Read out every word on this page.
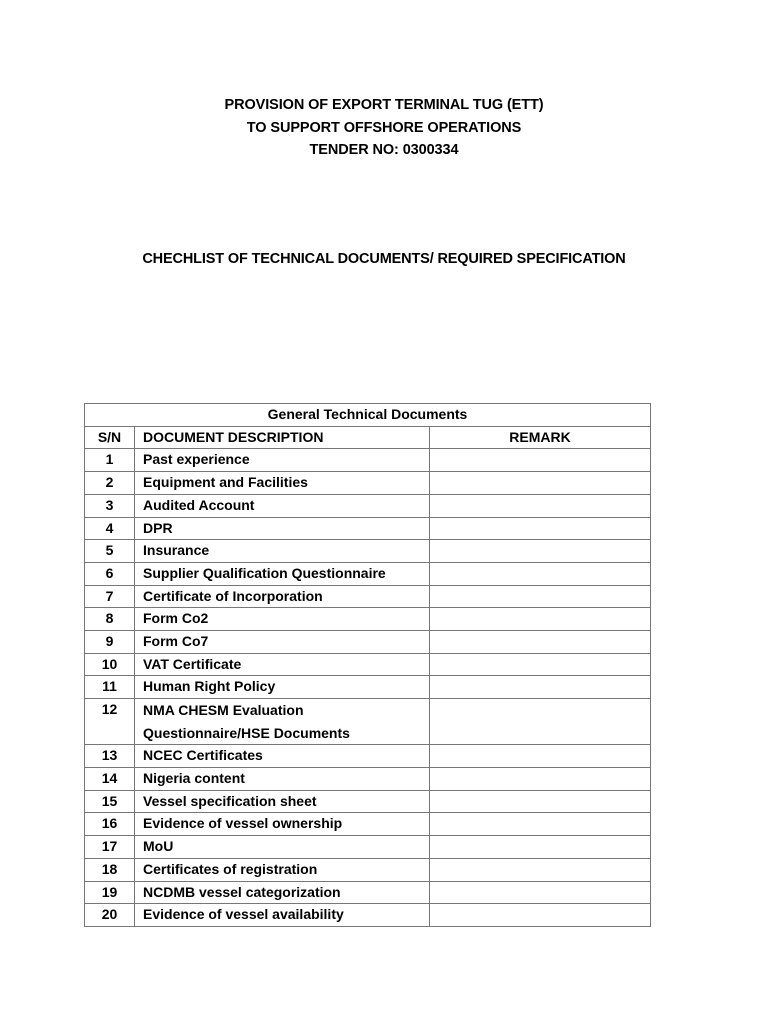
PROVISION OF EXPORT TERMINAL TUG (ETT)
TO SUPPORT OFFSHORE OPERATIONS
TENDER NO: 0300334
CHECHLIST OF TECHNICAL DOCUMENTS/ REQUIRED SPECIFICATION
General Technical Documents		
S/N	DOCUMENT DESCRIPTION	REMARK
1	Past experience	
2	Equipment and Facilities	
3	Audited Account	
4	DPR	
5	Insurance	
6	Supplier Qualification Questionnaire	
7	Certificate of Incorporation	
8	Form Co2	
9	Form Co7	
10	VAT Certificate	
11	Human Right Policy	
12	NMA CHESM Evaluation Questionnaire/HSE Documents	
13	NCEC Certificates	
14	Nigeria content	
15	Vessel specification sheet	
16	Evidence of vessel ownership	
17	MoU	
18	Certificates of registration	
19	NCDMB vessel categorization	
20	Evidence of vessel availability	
